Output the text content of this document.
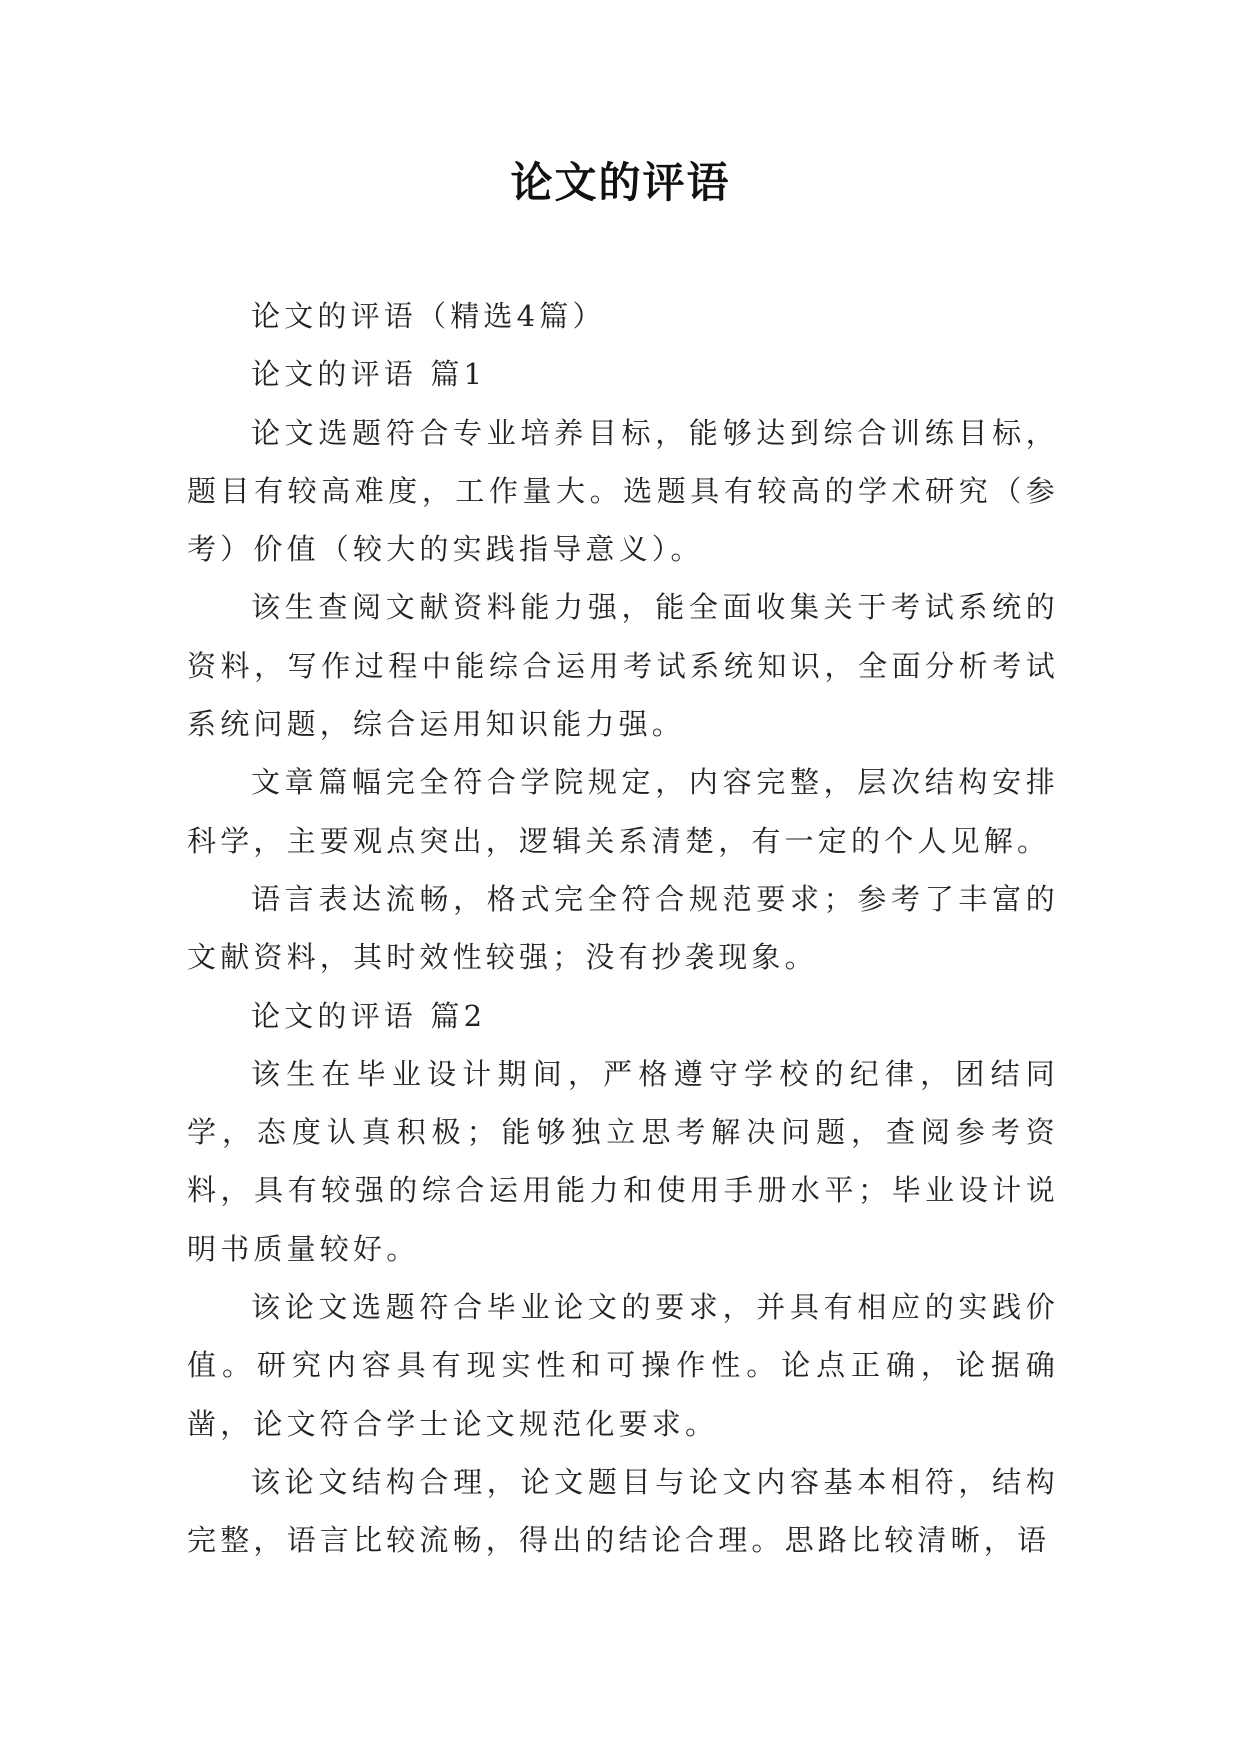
论文的评语

论文的评语（精选4篇）

论文的评语 篇1

论文选题符合专业培养目标，能够达到综合训练目标，题目有较高难度，工作量大。选题具有较高的学术研究（参考）价值（较大的实践指导意义）。

该生查阅文献资料能力强，能全面收集关于考试系统的资料，写作过程中能综合运用考试系统知识，全面分析考试系统问题，综合运用知识能力强。

文章篇幅完全符合学院规定，内容完整，层次结构安排科学，主要观点突出，逻辑关系清楚，有一定的个人见解。

语言表达流畅，格式完全符合规范要求；参考了丰富的文献资料，其时效性较强；没有抄袭现象。

论文的评语 篇2

该生在毕业设计期间，严格遵守学校的纪律，团结同学，态度认真积极；能够独立思考解决问题，查阅参考资料，具有较强的综合运用能力和使用手册水平；毕业设计说明书质量较好。

该论文选题符合毕业论文的要求，并具有相应的实践价值。研究内容具有现实性和可操作性。论点正确，论据确凿，论文符合学士论文规范化要求。

该论文结构合理，论文题目与论文内容基本相符，结构完整，语言比较流畅，得出的结论合理。思路比较清晰，语
